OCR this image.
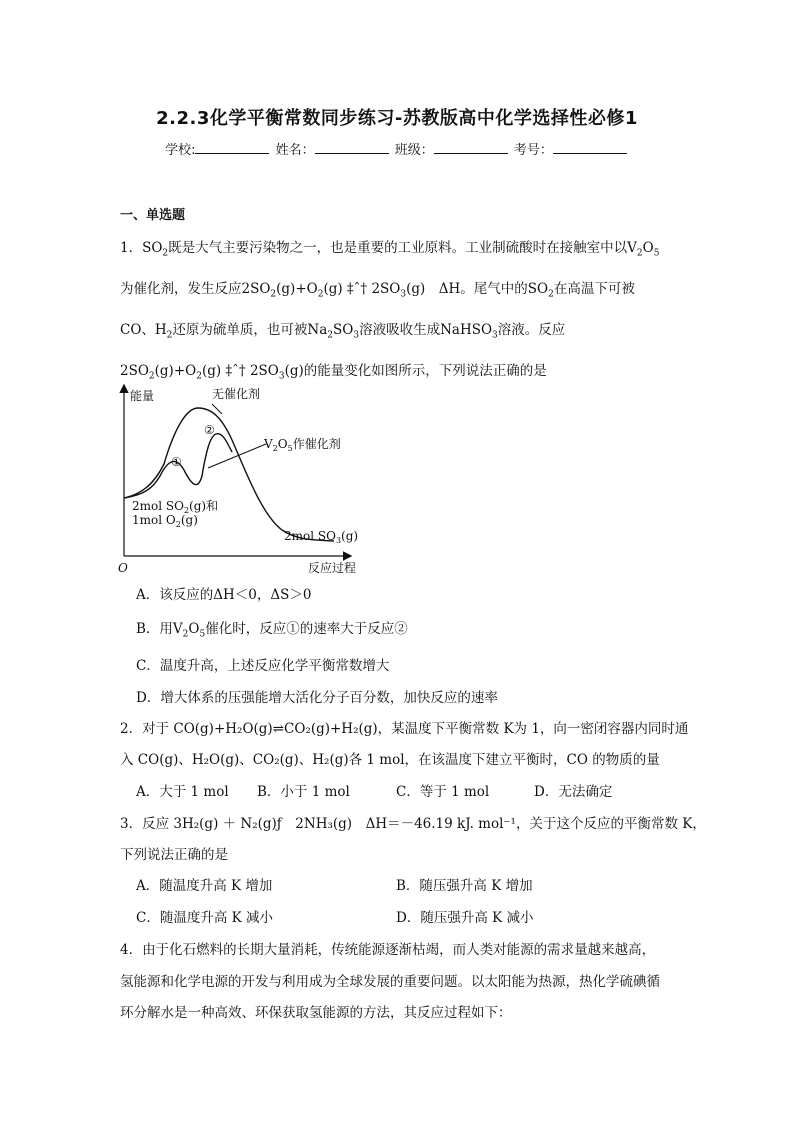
2.2.3化学平衡常数同步练习-苏教版高中化学选择性必修1
学校:	姓名：	班级：	考号：
一、单选题
1．$SO_2$既是大气主要污染物之一，也是重要的工业原料。工业制硫酸时在接触室中以$V_2O_5$
为催化剂，发生反应$2SO_2(g)+O_2(g)$ ‡ˆ† $2SO_3(g)$　ΔH。尾气中的$SO_2$在高温下可被
CO、$H_2$还原为硫单质，也可被$Na_2SO_3$溶液吸收生成NaHSO$_3$溶液。反应
$2SO_2(g)+O_2(g)$ ‡ˆ† $2SO_3(g)$的能量变化如图所示，下列说法正确的是
能量
反应过程
O
无催化剂
$V_2O_5$作催化剂
①
②
2mol $SO_2(g)$和
1mol $O_2(g)$
2mol $SO_3(g)$
A．该反应的ΔH＜0，ΔS＞0
B．用$V_2O_5$催化时，反应①的速率大于反应②
C．温度升高，上述反应化学平衡常数增大
D．增大体系的压强能增大活化分子百分数，加快反应的速率
2．对于 CO(g)+H₂O(g)⇌CO₂(g)+H₂(g)，某温度下平衡常数 K为 1，向一密闭容器内同时通
入 CO(g)、H₂O(g)、CO₂(g)、H₂(g)各 1 mol，在该温度下建立平衡时，CO 的物质的量
A．大于 1 mol B．小于 1 mol	C．等于 1 mol	D．无法确定
3．反应 3H₂(g) ＋ N₂(g)ƒ　2NH₃(g)　ΔH＝－46.19 kJ. mol⁻¹，关于这个反应的平衡常数 K，
下列说法正确的是
A．随温度升高 K 增加	B．随压强升高 K 增加
C．随温度升高 K 减小	D．随压强升高 K 减小
4．由于化石燃料的长期大量消耗，传统能源逐渐枯竭，而人类对能源的需求量越来越高，
氢能源和化学电源的开发与利用成为全球发展的重要问题。以太阳能为热源，热化学硫碘循
环分解水是一种高效、环保获取氢能源的方法，其反应过程如下：
